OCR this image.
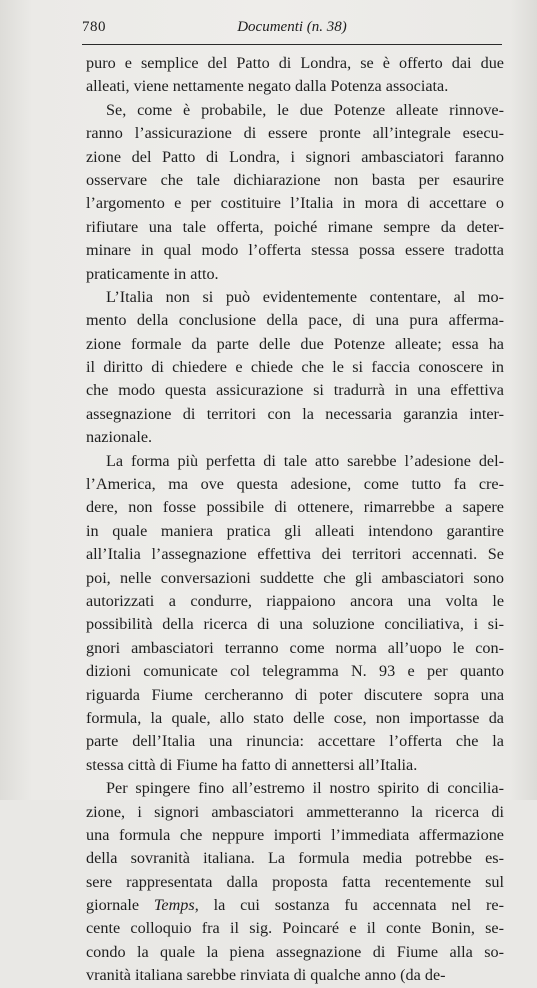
780	Documenti (n. 38)
puro e semplice del Patto di Londra, se è offerto dai due
alleati, viene nettamente negato dalla Potenza associata.
Se, come è probabile, le due Potenze alleate rinnove-
ranno l’assicurazione di essere pronte all’integrale esecu-
zione del Patto di Londra, i signori ambasciatori faranno
osservare che tale dichiarazione non basta per esaurire
l’argomento e per costituire l’Italia in mora di accettare o
rifiutare una tale offerta, poiché rimane sempre da deter-
minare in qual modo l’offerta stessa possa essere tradotta
praticamente in atto.
L’Italia non si può evidentemente contentare, al mo-
mento della conclusione della pace, di una pura afferma-
zione formale da parte delle due Potenze alleate; essa ha
il diritto di chiedere e chiede che le si faccia conoscere in
che modo questa assicurazione si tradurrà in una effettiva
assegnazione di territori con la necessaria garanzia inter-
nazionale.
La forma più perfetta di tale atto sarebbe l’adesione del-
l’America, ma ove questa adesione, come tutto fa cre-
dere, non fosse possibile di ottenere, rimarrebbe a sapere
in quale maniera pratica gli alleati intendono garantire
all’Italia l’assegnazione effettiva dei territori accennati. Se
poi, nelle conversazioni suddette che gli ambasciatori sono
autorizzati a condurre, riappaiono ancora una volta le
possibilità della ricerca di una soluzione conciliativa, i si-
gnori ambasciatori terranno come norma all’uopo le con-
dizioni comunicate col telegramma N. 93 e per quanto
riguarda Fiume cercheranno di poter discutere sopra una
formula, la quale, allo stato delle cose, non importasse da
parte dell’Italia una rinuncia: accettare l’offerta che la
stessa città di Fiume ha fatto di annettersi all’Italia.
Per spingere fino all’estremo il nostro spirito di concilia-
zione, i signori ambasciatori ammetteranno la ricerca di
una formula che neppure importi l’immediata affermazione
della sovranità italiana. La formula media potrebbe es-
sere rappresentata dalla proposta fatta recentemente sul
giornale Temps, la cui sostanza fu accennata nel re-
cente colloquio fra il sig. Poincaré e il conte Bonin, se-
condo la quale la piena assegnazione di Fiume alla so-
vranità italiana sarebbe rinviata di qualche anno (da de-
